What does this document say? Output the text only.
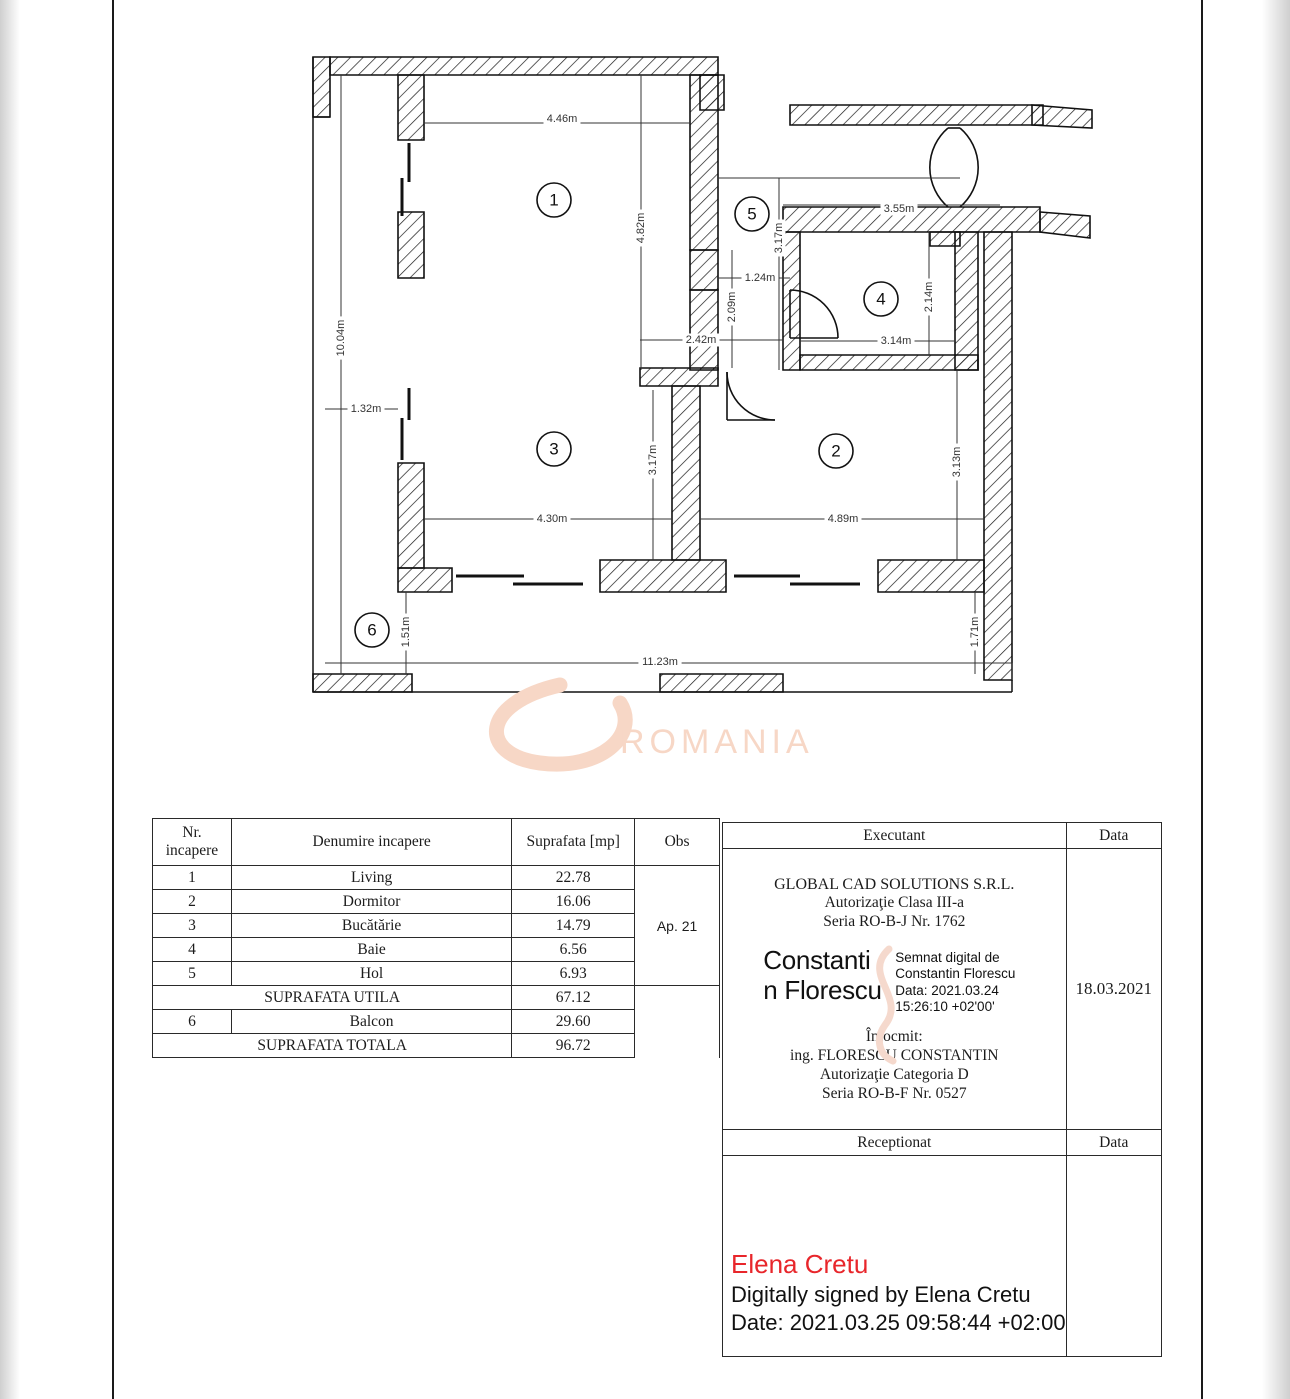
4.46m
4.82m
10.04m
1.32m
3.17m
4.30m
1.51m
11.23m
2.42m
2.09m
1.24m
3.17m
3.55m
2.14m
3.14m
4.89m
3.13m
1.71m
1
2
3
4
5
6
ROMANIA
Nr.
incapere	Denumire incapere	Suprafata [mp]	Obs
1	Living	22.78	Ap. 21
2	Dormitor	16.06	
3	Bucătărie	14.79	
4	Baie	6.56	
5	Hol	6.93	
SUPRAFATA UTILA		67.12	
6	Balcon	29.60	
SUPRAFATA TOTALA		96.72	
Executant	Data

GLOBAL CAD SOLUTIONS S.R.L.
Autorizaţie Clasa III-a
Seria RO-B-J Nr. 1762
Constanti
n Florescu
Semnat digital de
Constantin Florescu
Data: 2021.03.24
15:26:10 +02'00'
Întocmit:
ing. FLORESCU CONSTANTIN
Autorizaţie Categoria D
Seria RO-B-F Nr. 0527
	18.03.2021
Receptionat	Data

Elena Cretu
Digitally signed by Elena Cretu
Date: 2021.03.25 09:58:44 +02:00	
